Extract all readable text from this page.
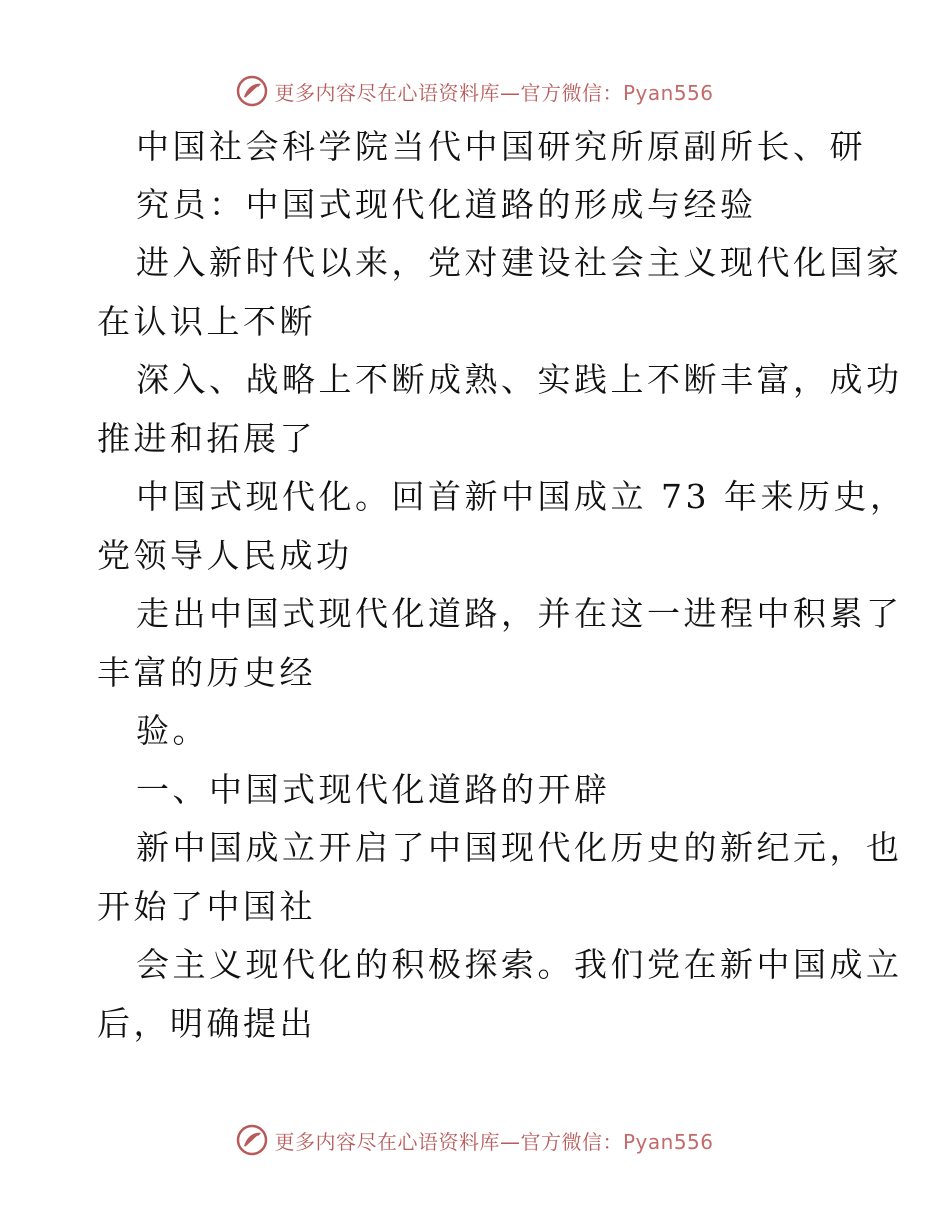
更多内容尽在心语资料库—官方微信：Pyan556
中国社会科学院当代中国研究所原副所长、研
究员：中国式现代化道路的形成与经验
进入新时代以来，党对建设社会主义现代化国家
在认识上不断
深入、战略上不断成熟、实践上不断丰富，成功
推进和拓展了
中国式现代化。回首新中国成立 73 年来历史，
党领导人民成功
走出中国式现代化道路，并在这一进程中积累了
丰富的历史经
验。
一、中国式现代化道路的开辟
新中国成立开启了中国现代化历史的新纪元，也
开始了中国社
会主义现代化的积极探索。我们党在新中国成立
后，明确提出
更多内容尽在心语资料库—官方微信：Pyan556
